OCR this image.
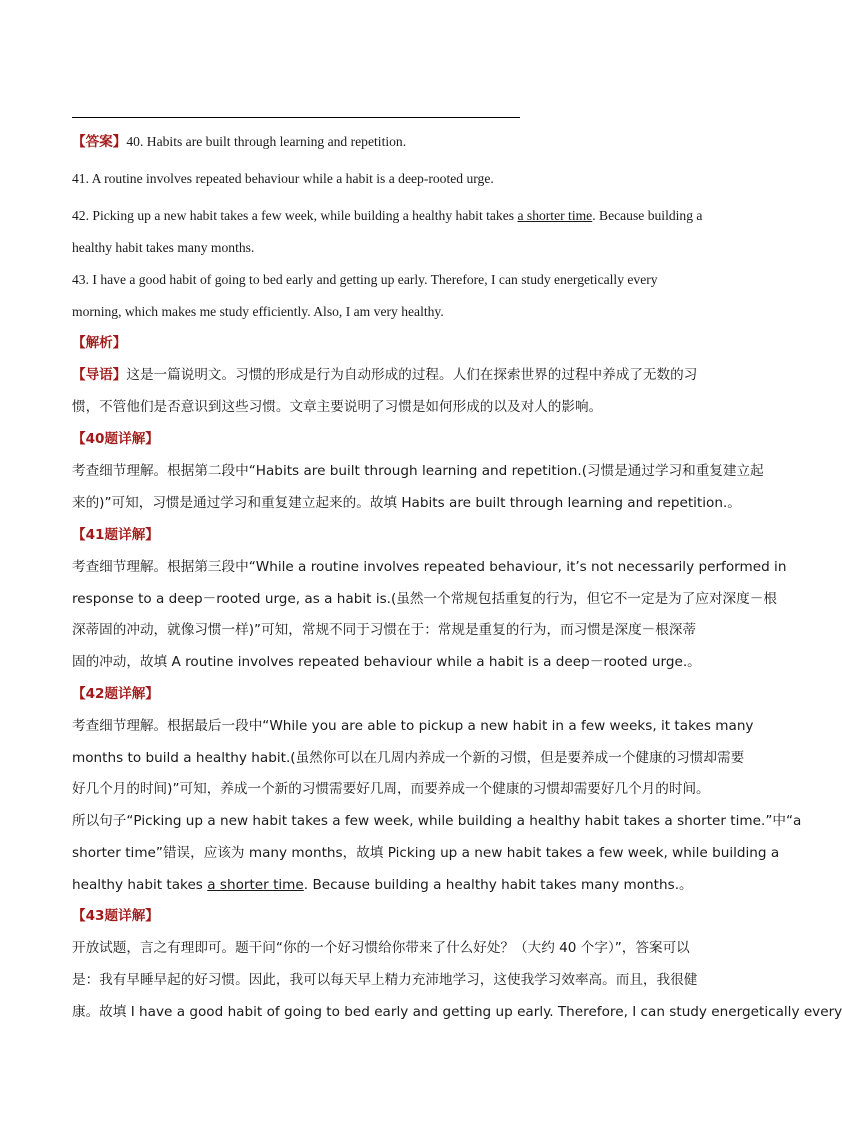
【答案】40. Habits are built through learning and repetition.
41. A routine involves repeated behaviour while a habit is a deep-rooted urge.
42. Picking up a new habit takes a few week, while building a healthy habit takes a shorter time. Because building a
healthy habit takes many months.
43. I have a good habit of going to bed early and getting up early. Therefore, I can study energetically every
morning, which makes me study efficiently. Also, I am very healthy.
【解析】
【导语】这是一篇说明文。习惯的形成是行为自动形成的过程。人们在探索世界的过程中养成了无数的习
惯，不管他们是否意识到这些习惯。文章主要说明了习惯是如何形成的以及对人的影响。
【40题详解】
考查细节理解。根据第二段中“Habits are built through learning and repetition.(习惯是通过学习和重复建立起
来的)”可知，习惯是通过学习和重复建立起来的。故填 Habits are built through learning and repetition.。
【41题详解】
考查细节理解。根据第三段中“While a routine involves repeated behaviour, it’s not necessarily performed in
response to a deep－rooted urge, as a habit is.(虽然一个常规包括重复的行为，但它不一定是为了应对深度－根
深蒂固的冲动，就像习惯一样)”可知，常规不同于习惯在于：常规是重复的行为，而习惯是深度－根深蒂
固的冲动，故填 A routine involves repeated behaviour while a habit is a deep－rooted urge.。
【42题详解】
考查细节理解。根据最后一段中“While you are able to pickup a new habit in a few weeks, it takes many
months to build a healthy habit.(虽然你可以在几周内养成一个新的习惯，但是要养成一个健康的习惯却需要
好几个月的时间)”可知，养成一个新的习惯需要好几周，而要养成一个健康的习惯却需要好几个月的时间。
所以句子“Picking up a new habit takes a few week, while building a healthy habit takes a shorter time.”中“a
shorter time”错误，应该为 many months，故填 Picking up a new habit takes a few week, while building a
healthy habit takes a shorter time. Because building a healthy habit takes many months.。
【43题详解】
开放试题，言之有理即可。题干问“你的一个好习惯给你带来了什么好处？（大约 40 个字）”，答案可以
是：我有早睡早起的好习惯。因此，我可以每天早上精力充沛地学习，这使我学习效率高。而且，我很健
康。故填 I have a good habit of going to bed early and getting up early. Therefore, I can study energetically every
